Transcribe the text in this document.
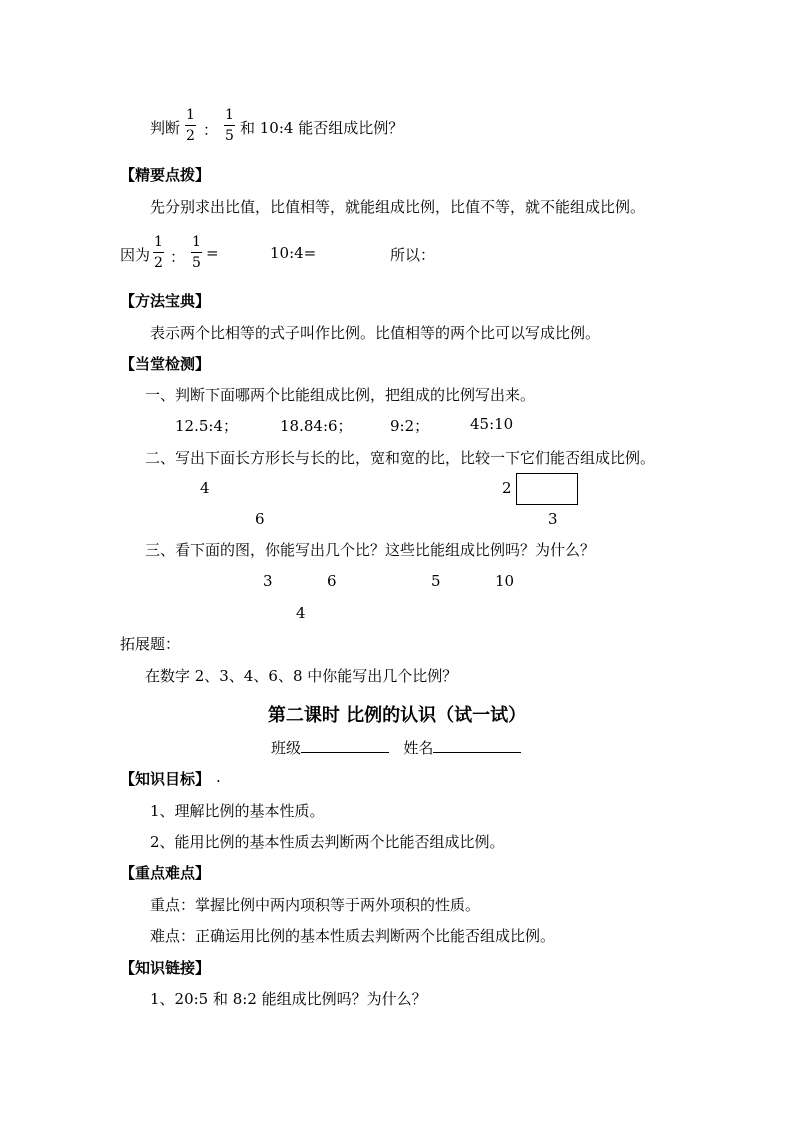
判断
1
2 ：
1
5 和 10:4 能否组成比例？
【精要点拨】
先分别求出比值，比值相等，就能组成比例，比值不等，就不能组成比例。
因为
1
2 ：
1
5
=	10:4=	所以：
【方法宝典】
表示两个比相等的式子叫作比例。比值相等的两个比可以写成比例。
【当堂检测】
一、判断下面哪两个比能组成比例，把组成的比例写出来。
12.5:4；	18.84:6； 9:2；	45:10
二、写出下面长方形长与长的比，宽和宽的比，比较一下它们能否组成比例。
4
6
2
3
三、看下面的图，你能写出几个比？这些比能组成比例吗？为什么？
3	6	5	10
4
拓展题：
在数字 2、3、4、6、8 中你能写出几个比例？
第二课时 比例的认识（试一试）
班级	姓名
【知识目标】 .
1、理解比例的基本性质。
2、能用比例的基本性质去判断两个比能否组成比例。
【重点难点】
重点：掌握比例中两内项积等于两外项积的性质。
难点：正确运用比例的基本性质去判断两个比能否组成比例。
【知识链接】
1、20:5 和 8:2 能组成比例吗？为什么？
